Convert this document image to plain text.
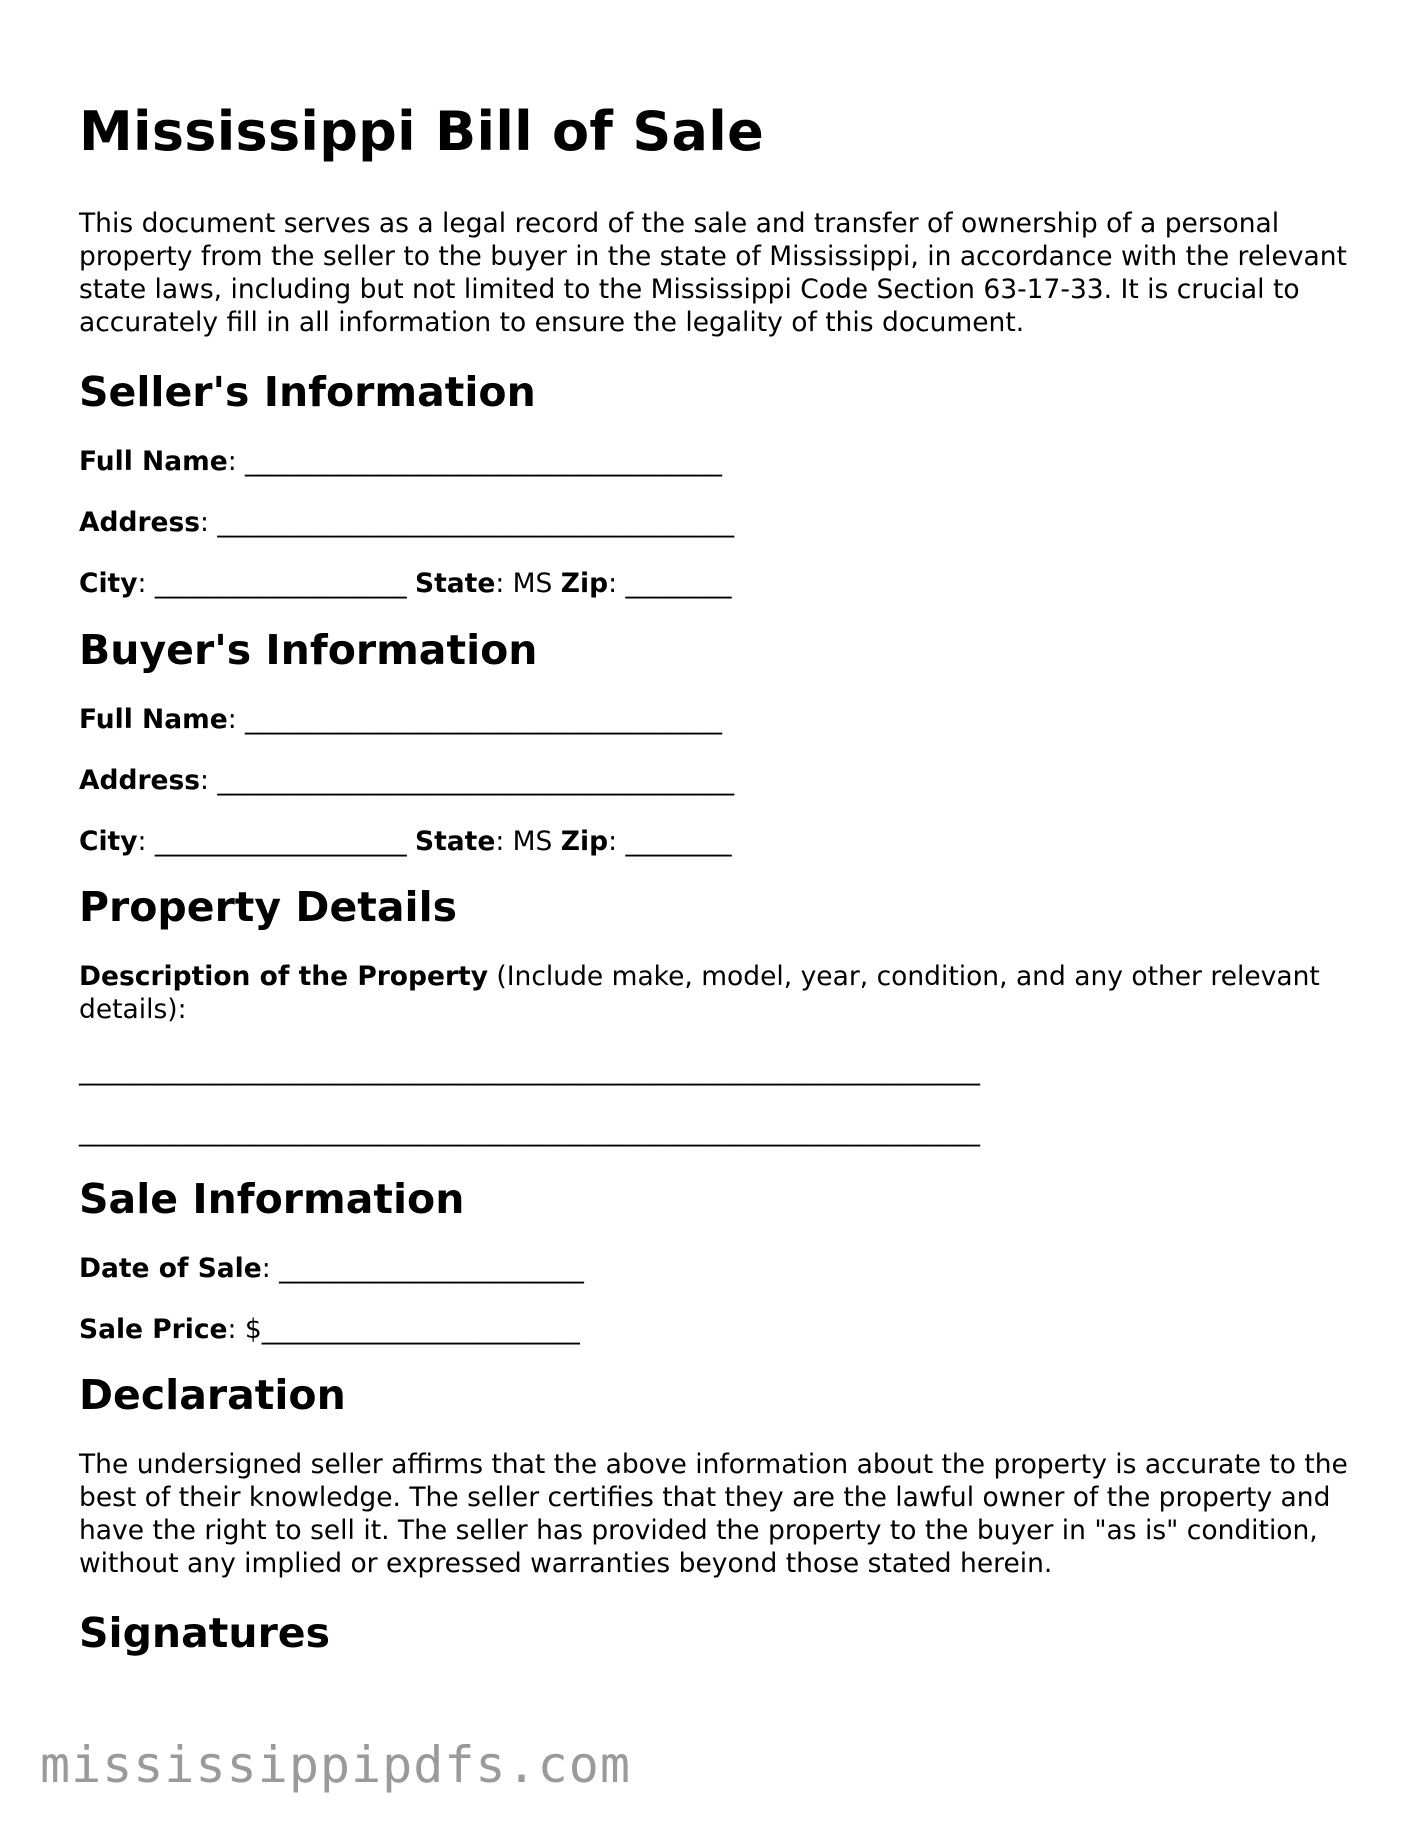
Mississippi Bill of Sale

This document serves as a legal record of the sale and transfer of ownership of a personal property from the seller to the buyer in the state of Mississippi, in accordance with the relevant state laws, including but not limited to the Mississippi Code Section 63-17-33. It is crucial to accurately fill in all information to ensure the legality of this document.

Seller's Information
Full Name: ____________________________________
Address: _______________________________________
City: ___________________ State: MS Zip: ________
Buyer's Information
Full Name: ____________________________________
Address: _______________________________________
City: ___________________ State: MS Zip: ________
Property Details

Description of the Property (Include make, model, year, condition, and any other relevant details):

____________________________________________________________________
____________________________________________________________________
Sale Information
Date of Sale: _______________________
Sale Price: $________________________
Declaration

The undersigned seller affirms that the above information about the property is accurate to the best of their knowledge. The seller certifies that they are the lawful owner of the property and have the right to sell it. The seller has provided the property to the buyer in "as is" condition, without any implied or expressed warranties beyond those stated herein.

Signatures
mississippipdfs.com
